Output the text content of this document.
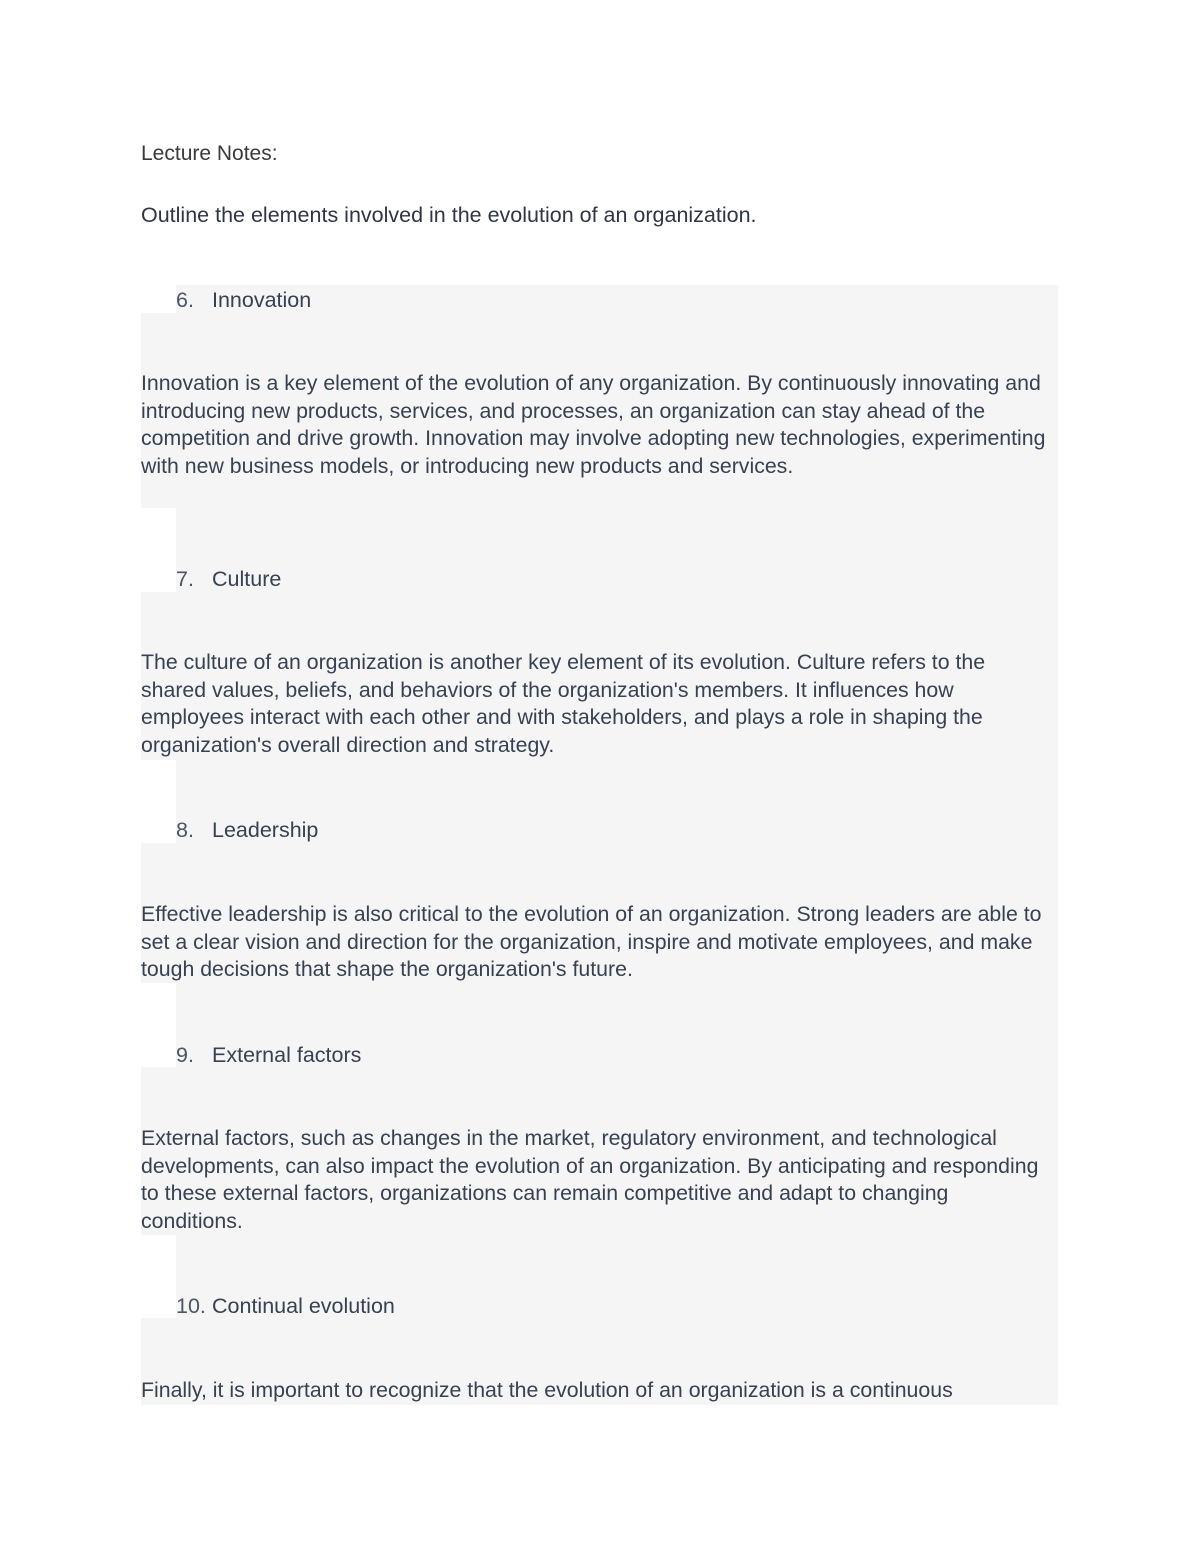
Lecture Notes:
Outline the elements involved in the evolution of an organization.
6. Innovation

Innovation is a key element of the evolution of any organization. By continuously innovating and introducing new products, services, and processes, an organization can stay ahead of the competition and drive growth. Innovation may involve adopting new technologies, experimenting with new business models, or introducing new products and services.

7. Culture

The culture of an organization is another key element of its evolution. Culture refers to the shared values, beliefs, and behaviors of the organization's members. It influences how employees interact with each other and with stakeholders, and plays a role in shaping the organization's overall direction and strategy.

8. Leadership

Effective leadership is also critical to the evolution of an organization. Strong leaders are able to set a clear vision and direction for the organization, inspire and motivate employees, and make tough decisions that shape the organization's future.

9. External factors

External factors, such as changes in the market, regulatory environment, and technological developments, can also impact the evolution of an organization. By anticipating and responding to these external factors, organizations can remain competitive and adapt to changing conditions.

10. Continual evolution

Finally, it is important to recognize that the evolution of an organization is a continuous
